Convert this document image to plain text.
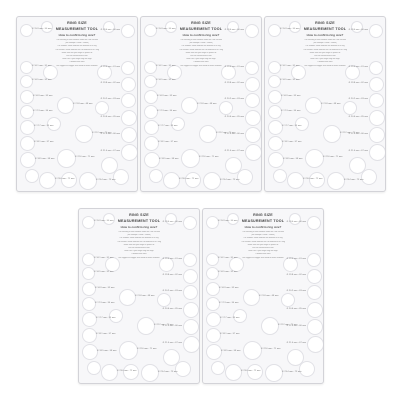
RING SIZE
MEASUREMENT TOOL
How to confirm ring size?
The meaning of two numbers under the 'mm' section
(for example: 18mm - 56mm)
The number 18mm indicate the diameter of a ring
The number 56mm indicate the circumference of a ring
Make sure that your finger is perfect fit
into the measurement hole
Must Fits: If your finger ring too large
it belland two sizes
We suggest the bigger size would be more fix/better
Φ 15.9 mm - 50 mm
Φ 16.1 mm - 51 mm
Φ 16.5 mm - 52 mm
Φ 16.9 mm - 53 mm
Φ 17.3 mm - 54 mm
Φ 17.7 mm - 55 mm
Φ 18.1 mm - 57 mm
Φ 18.5 mm - 58 mm
Φ 19.0 mm - 60 mm
Φ 19.4 mm - 61 mm
Φ 19.8 mm - 62 mm
Φ 20.2 mm - 63 mm
Φ 20.6 mm - 65 mm
Φ 21.0 mm - 66 mm
Φ 21.4 mm - 67 mm
Φ 21.8 mm - 68 mm
Φ 22.2 mm - 70 mm
Φ 22.6 mm - 71 mm
Φ 23.0 mm - 72 mm	Φ 23.4 mm - 73 mm
RING SIZE
MEASUREMENT TOOL
How to confirm ring size?
The meaning of two numbers under the 'mm' section
(for example: 18mm - 56mm)
The number 18mm indicate the diameter of a ring
The number 56mm indicate the circumference of a ring
Make sure that your finger is perfect fit
into the measurement hole
Must Fits: If your finger ring too large
it belland two sizes
We suggest the bigger size would be more fix/better
Φ 15.9 mm - 50 mm
Φ 16.1 mm - 51 mm
Φ 16.5 mm - 52 mm
Φ 16.9 mm - 53 mm
Φ 17.3 mm - 54 mm
Φ 17.7 mm - 55 mm
Φ 18.1 mm - 57 mm
Φ 18.5 mm - 58 mm
Φ 19.0 mm - 60 mm
Φ 19.4 mm - 61 mm
Φ 19.8 mm - 62 mm
Φ 20.2 mm - 63 mm
Φ 20.6 mm - 65 mm
Φ 21.0 mm - 66 mm
Φ 21.4 mm - 67 mm
Φ 21.8 mm - 68 mm
Φ 22.2 mm - 70 mm
Φ 22.6 mm - 71 mm
Φ 23.0 mm - 72 mm	Φ 23.4 mm - 73 mm
RING SIZE
MEASUREMENT TOOL
How to confirm ring size?
The meaning of two numbers under the 'mm' section
(for example: 18mm - 56mm)
The number 18mm indicate the diameter of a ring
The number 56mm indicate the circumference of a ring
Make sure that your finger is perfect fit
into the measurement hole
Must Fits: If your finger ring too large
it belland two sizes
We suggest the bigger size would be more fix/better
Φ 15.9 mm - 50 mm
Φ 16.1 mm - 51 mm
Φ 16.5 mm - 52 mm
Φ 16.9 mm - 53 mm
Φ 17.3 mm - 54 mm
Φ 17.7 mm - 55 mm
Φ 18.1 mm - 57 mm
Φ 18.5 mm - 58 mm
Φ 19.0 mm - 60 mm
Φ 19.4 mm - 61 mm
Φ 19.8 mm - 62 mm
Φ 20.2 mm - 63 mm
Φ 20.6 mm - 65 mm
Φ 21.0 mm - 66 mm
Φ 21.4 mm - 67 mm
Φ 21.8 mm - 68 mm
Φ 22.2 mm - 70 mm
Φ 22.6 mm - 71 mm
Φ 23.0 mm - 72 mm	Φ 23.4 mm - 73 mm
RING SIZE
MEASUREMENT TOOL
How to confirm ring size?
The meaning of two numbers under the 'mm' section
(for example: 18mm - 56mm)
The number 18mm indicate the diameter of a ring
The number 56mm indicate the circumference of a ring
Make sure that your finger is perfect fit
into the measurement hole
Must Fits: If your finger ring too large
it belland two sizes
We suggest the bigger size would be more fix/better
Φ 15.9 mm - 50 mm
Φ 16.1 mm - 51 mm
Φ 16.5 mm - 52 mm
Φ 16.9 mm - 53 mm
Φ 17.3 mm - 54 mm
Φ 17.7 mm - 55 mm
Φ 18.1 mm - 57 mm
Φ 18.5 mm - 58 mm
Φ 19.0 mm - 60 mm
Φ 19.4 mm - 61 mm
Φ 19.8 mm - 62 mm
Φ 20.2 mm - 63 mm
Φ 20.6 mm - 65 mm
Φ 21.0 mm - 66 mm
Φ 21.4 mm - 67 mm
Φ 21.8 mm - 68 mm
Φ 22.2 mm - 70 mm
Φ 22.6 mm - 71 mm
Φ 23.0 mm - 72 mm	Φ 23.4 mm - 73 mm
RING SIZE
MEASUREMENT TOOL
How to confirm ring size?
The meaning of two numbers under the 'mm' section
(for example: 18mm - 56mm)
The number 18mm indicate the diameter of a ring
The number 56mm indicate the circumference of a ring
Make sure that your finger is perfect fit
into the measurement hole
Must Fits: If your finger ring too large
it belland two sizes
We suggest the bigger size would be more fix/better
Φ 15.9 mm - 50 mm
Φ 16.1 mm - 51 mm
Φ 16.5 mm - 52 mm
Φ 16.9 mm - 53 mm
Φ 17.3 mm - 54 mm
Φ 17.7 mm - 55 mm
Φ 18.1 mm - 57 mm
Φ 18.5 mm - 58 mm
Φ 19.0 mm - 60 mm
Φ 19.4 mm - 61 mm
Φ 19.8 mm - 62 mm
Φ 20.2 mm - 63 mm
Φ 20.6 mm - 65 mm
Φ 21.0 mm - 66 mm
Φ 21.4 mm - 67 mm
Φ 21.8 mm - 68 mm
Φ 22.2 mm - 70 mm
Φ 22.6 mm - 71 mm
Φ 23.0 mm - 72 mm	Φ 23.4 mm - 73 mm
